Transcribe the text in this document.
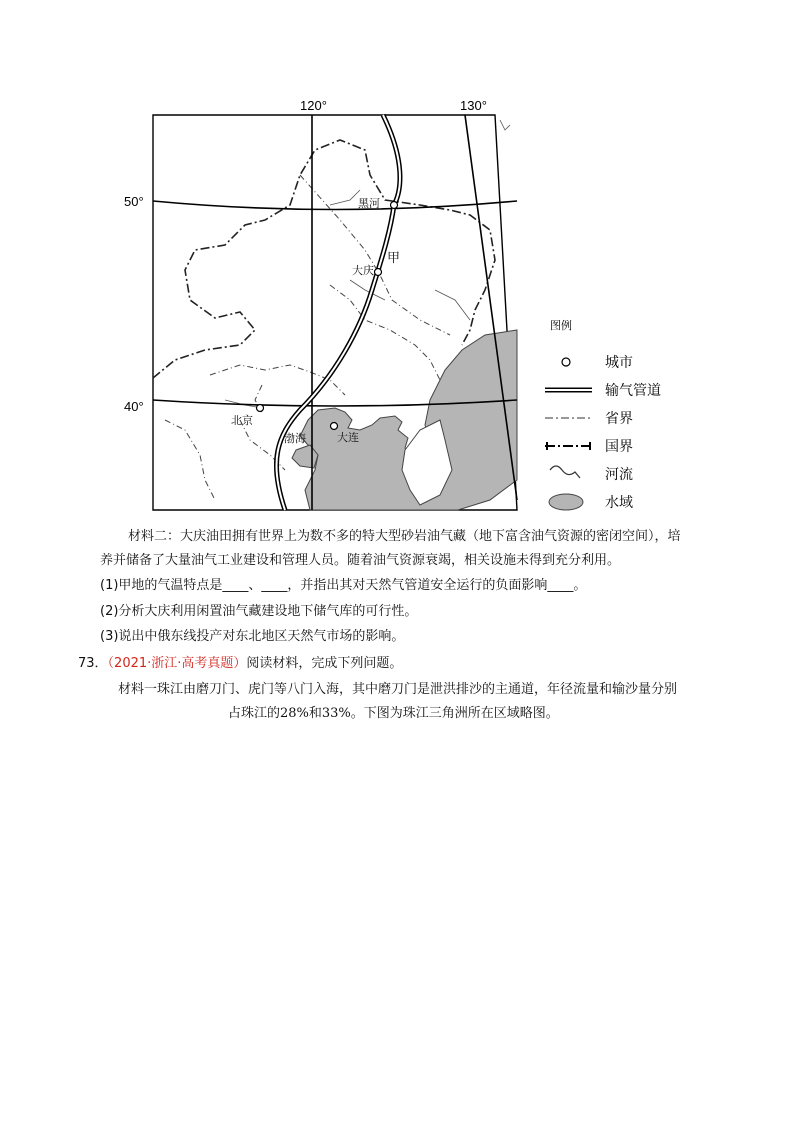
120°	130°
50°
40°
黑河
甲
大庆
北京
渤海	大连
图例
城市
输气管道
省界
国界
河流
水域
材料二：大庆油田拥有世界上为数不多的特大型砂岩油气藏（地下富含油气资源的密闭空间），培
养并储备了大量油气工业建设和管理人员。随着油气资源衰竭，相关设施未得到充分利用。
(1)甲地的气温特点是____、____，并指出其对天然气管道安全运行的负面影响____。
(2)分析大庆利用闲置油气藏建设地下储气库的可行性。
(3)说出中俄东线投产对东北地区天然气市场的影响。
73．（2021·浙江·高考真题）阅读材料，完成下列问题。
材料一珠江由磨刀门、虎门等八门入海，其中磨刀门是泄洪排沙的主通道，年径流量和输沙量分别
占珠江的28%和33%。下图为珠江三角洲所在区域略图。
